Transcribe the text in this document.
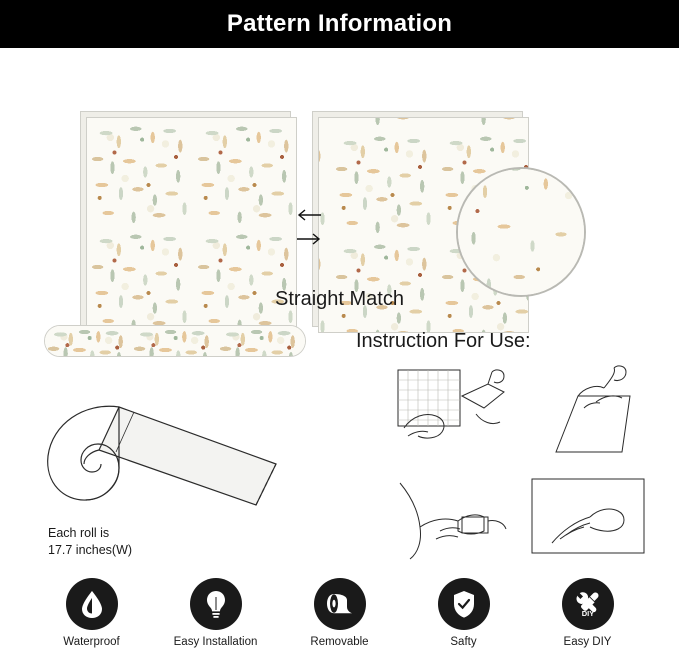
Pattern Information
Straight Match
Each roll is
17.7 inches(W)
Instruction For Use:
Waterproof	Easy Installation	Removable	Safty
DIY
Easy DIY
